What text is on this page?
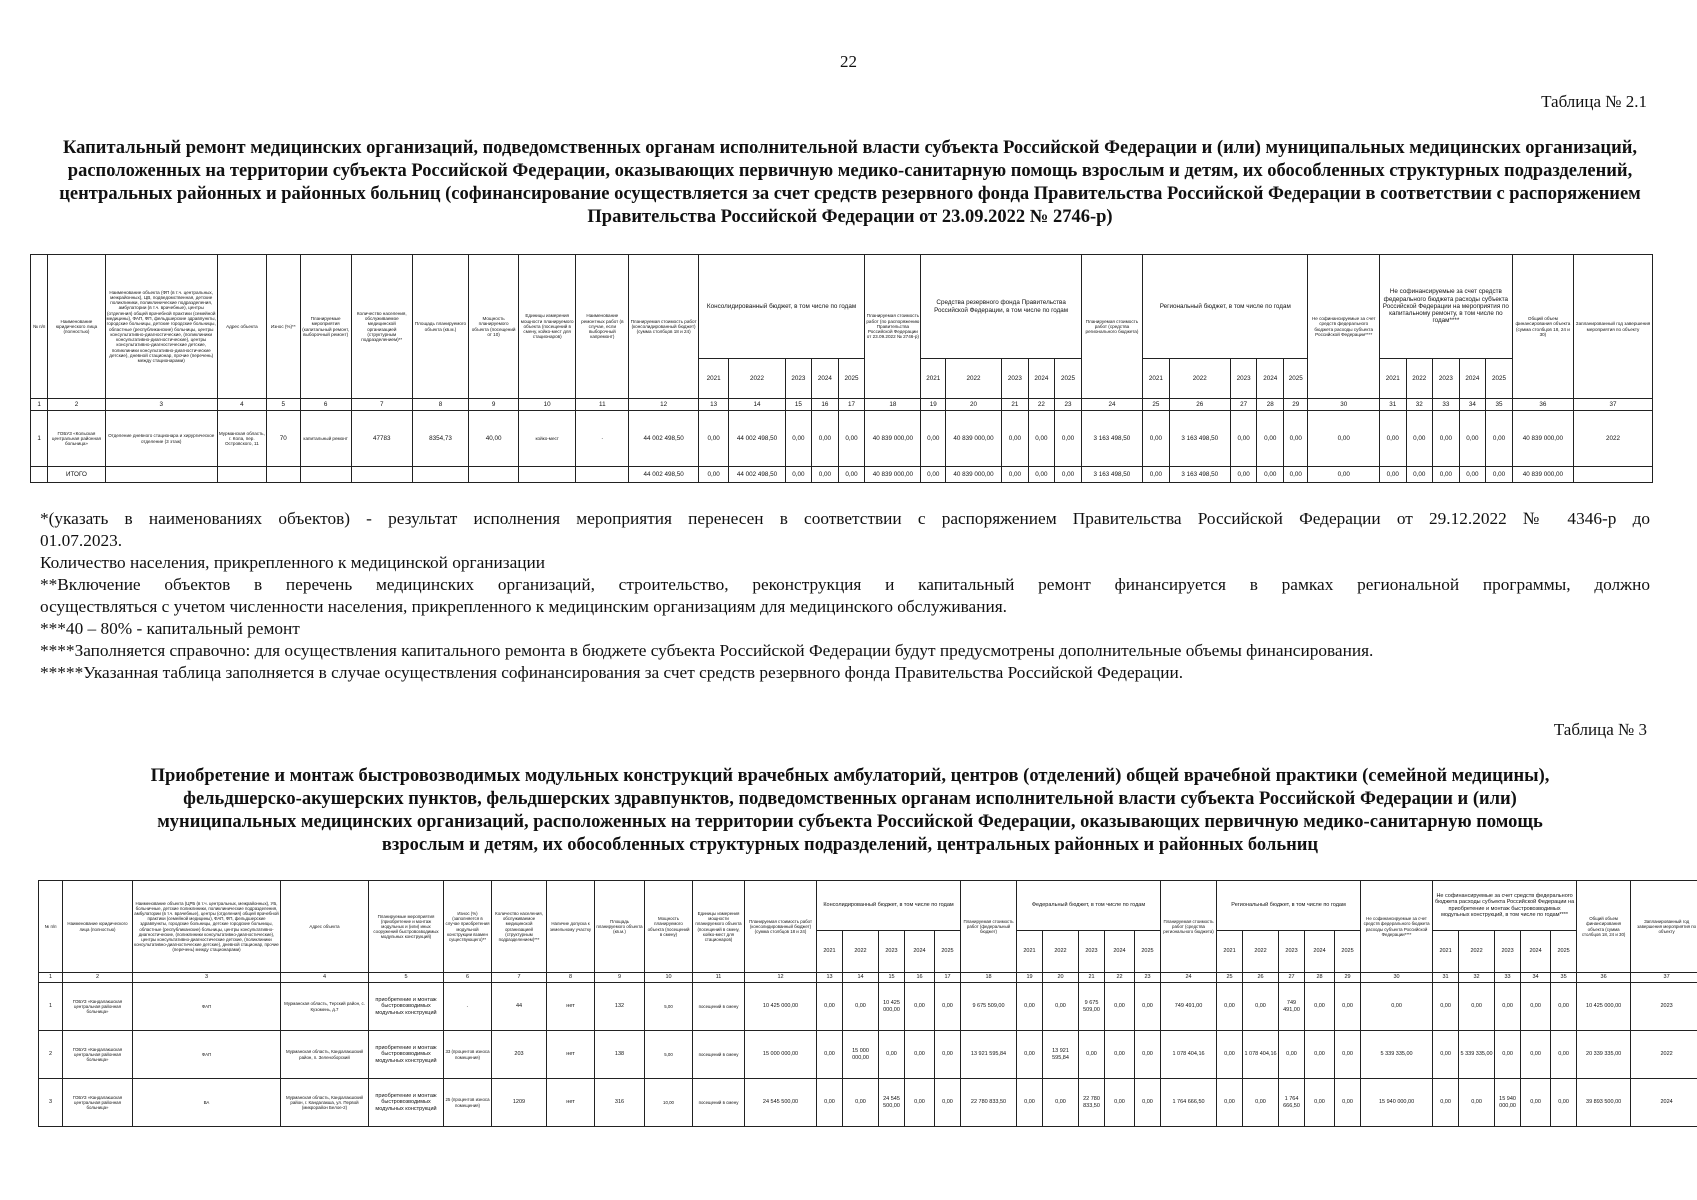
22
Таблица № 2.1
Капитальный ремонт медицинских организаций, подведомственных органам исполнительной власти субъекта Российской Федерации и (или) муниципальных медицинских организаций, расположенных на территории субъекта Российской Федерации, оказывающих первичную медико-санитарную помощь взрослым и детям, их обособленных структурных подразделений, центральных районных и районных больниц (софинансирование осуществляется за счет средств резервного фонда Правительства Российской Федерации в соответствии с распоряжением Правительства Российской Федерации от 23.09.2022 № 2746-р)
№ п/п	Наименование юридического лица (полностью)	Наименование объекта (ФП (в т.ч. центральных, межрайонных), ЦВ, подведомственная, детские поликлиники, поликлинические подразделения, амбулатории (в т.ч. врачебные), центры (отделения) общей врачебной практики (семейной медицины), ФАП, ФП, фельдшерские здравпункты, городские больницы, детские городские больницы, областные (республиканские) больницы, центры консультативно-диагностические, (поликлиники консультативно-диагностические), центры консультативно-диагностические детские, поликлиники консультативно-диагностические детские), дневной стационар, прочие (перечень) между стационарами)	Адрес объекта	Износ (%)**	Планируемые мероприятия (капитальный ремонт, выборочный ремонт)	Количество населения, обслуживаемое медицинской организацией (структурным подразделением)**	Площадь планируемого объекта (кв.м.)	Мощность планируемого объекта (посещений от 10)	Единицы измерения мощности планируемого объекта (посещений в смену, койко-мест для стационаров)	Наименование ремонтных работ (в случае, если выборочный капремонт)	Планируемая стоимость работ (консолидированный бюджет) (сумма столбцов 18 и 24)	Консолидированный бюджет, в том числе по годам					Планируемая стоимость работ (по распоряжению Правительства Российской Федерации от 23.09.2022 № 2746-р)	Средства резервного фонда Правительства Российской Федерации, в том числе по годам					Планируемая стоимость работ (средства регионального бюджета)	Региональный бюджет, в том числе по годам					Не софинансируемые за счет средств федерального бюджета расходы субъекта Российской Федерации****	Не софинансируемые за счет средств федерального бюджета расходы субъекта Российской Федерации на мероприятия по капитальному ремонту, в том числе по годам****					Общий объем финансирования объекта (сумма столбцов 18, 24 и 30)	Запланированный год завершения мероприятия по объекту
												2021	2022	2023	2024	2025		2021	2022	2023	2024	2025		2021	2022	2023	2024	2025		2021	2022	2023	2024	2025		
1	2	3	4	5	6	7	8	9	10	11	12	13	14	15	16	17	18	19	20	21	22	23	24	25	26	27	28	29	30	31	32	33	34	35	36	37
1	ГОБУЗ «Кольская центральная районная больница»	Отделение дневного стационара и хирургическое отделение (3 этаж)	Мурманская область, г. Кола, пер. Островского, 11	70	капитальный ремонт	47783	8354,73	40,00	койко-мест	-	44 002 498,50	0,00	44 002 498,50	0,00	0,00	0,00	40 839 000,00	0,00	40 839 000,00	0,00	0,00	0,00	3 163 498,50	0,00	3 163 498,50	0,00	0,00	0,00	0,00	0,00	0,00	0,00	0,00	0,00	40 839 000,00	2022
	ИТОГО										44 002 498,50	0,00	44 002 498,50	0,00	0,00	0,00	40 839 000,00	0,00	40 839 000,00	0,00	0,00	0,00	3 163 498,50	0,00	3 163 498,50	0,00	0,00	0,00	0,00	0,00	0,00	0,00	0,00	0,00	40 839 000,00	

*(указать в наименованиях объектов) - результат исполнения мероприятия перенесен в соответствии с распоряжением Правительства Российской Федерации от 29.12.2022 № 4346-р до

01.07.2023.

Количество населения, прикрепленного к медицинской организации

**Включение объектов в перечень медицинских организаций, строительство, реконструкция и капитальный ремонт финансируется в рамках региональной программы, должно

осуществляться с учетом численности населения, прикрепленного к медицинским организациям для медицинского обслуживания.

***40 – 80% - капитальный ремонт

****Заполняется справочно: для осуществления капитального ремонта в бюджете субъекта Российской Федерации будут предусмотрены дополнительные объемы финансирования.

*****Указанная таблица заполняется в случае осуществления софинансирования за счет средств резервного фонда Правительства Российской Федерации.

Таблица № 3
Приобретение и монтаж быстровозводимых модульных конструкций врачебных амбулаторий, центров (отделений) общей врачебной практики (семейной медицины), фельдшерско-акушерских пунктов, фельдшерских здравпунктов, подведомственных органам исполнительной власти субъекта Российской Федерации и (или) муниципальных медицинских организаций, расположенных на территории субъекта Российской Федерации, оказывающих первичную медико-санитарную помощь взрослым и детям, их обособленных структурных подразделений, центральных районных и районных больниц
№ п/п	Наименование юридического лица (полностью)	Наименование объекта (ЦРБ (в т.ч. центральных, межрайонных), УБ, больничные, детские поликлиники, поликлинические подразделения, амбулатории (в т.ч. врачебные), центры (отделения) общей врачебной практики (семейной медицины), ФАП, ФП, фельдшерские здравпункты, городские больницы, детские городские больницы, областные (республиканские) больницы, центры консультативно-диагностические, (поликлиники консультативно-диагностические), центры консультативно-диагностические детские, (поликлиники консультативно-диагностические детские), дневной стационар, прочие (перечень) между стационарами)	Адрес объекта	Планируемые мероприятия (приобретение и монтаж модульных и (или) иных сооружений быстровозводимых модульных конструкций)	Износ (%) (заполняется в случае приобретения модульной конструкции взамен существующего)**	Количество населения, обслуживаемое медицинской организацией (структурным подразделением)***	Наличие допуска к земельному участку	Площадь планируемого объекта (кв.м.)	Мощность планируемого объекта (посещений в смену)	Единицы измерения мощности планируемого объекта (посещений в смену, койко-мест для стационаров)	Планируемая стоимость работ (консолидированный бюджет) (сумма столбцов 18 и 24)	Консолидированный бюджет, в том числе по годам					Планируемая стоимость работ (федеральный бюджет)	Федеральный бюджет, в том числе по годам					Планируемая стоимость работ (средства регионального бюджета)	Региональный бюджет, в том числе по годам					Не софинансируемые за счет средств федерального бюджета расходы субъекта Российской Федерации****	Не софинансируемые за счет средств федерального бюджета расходы субъекта Российской Федерации на приобретение и монтаж быстровозводимых модульных конструкций, в том числе по годам****					Общий объем финансирования объекта (сумма столбцов 18, 24 и 30)	Запланированный год завершения мероприятия по объекту
												2021	2022	2023	2024	2025		2021	2022	2023	2024	2025		2021	2022	2023	2024	2025		2021	2022	2023	2024	2025		
1	2	3	4	5	6	7	8	9	10	11	12	13	14	15	16	17	18	19	20	21	22	23	24	25	26	27	28	29	30	31	32	33	34	35	36	37
1	ГОБУЗ «Кандалакшская центральная районная больница»	ФАП	Мурманская область, Терский район, с. Кузомень, д.7	приобретение и монтаж быстровозводимых модульных конструкций	-	44	нет	132	5,00	посещений в смену	10 425 000,00	0,00	0,00	10 425 000,00	0,00	0,00	9 675 509,00	0,00	0,00	9 675 509,00	0,00	0,00	749 491,00	0,00	0,00	749 491,00	0,00	0,00	0,00	0,00	0,00	0,00	0,00	0,00	10 425 000,00	2023
2	ГОБУЗ «Кандалакшская центральная районная больница»	ФАП	Мурманская область, Кандалакшский район, п. Зеленоборский	приобретение и монтаж быстровозводимых модульных конструкций	33 (процентов износа помещения)	203	нет	138	5,00	посещений в смену	15 000 000,00	0,00	15 000 000,00	0,00	0,00	0,00	13 921 595,84	0,00	13 921 595,84	0,00	0,00	0,00	1 078 404,16	0,00	1 078 404,16	0,00	0,00	0,00	5 339 335,00	0,00	5 339 335,00	0,00	0,00	0,00	20 339 335,00	2022
3	ГОБУЗ «Кандалакшская центральная районная больница»	ВА	Мурманская область, Кандалакшский район, г. Кандалакша, ул. Первой (микрорайон Белое-2)	приобретение и монтаж быстровозводимых модульных конструкций	25 (процентов износа помещения)	1209	нет	316	10,00	посещений в смену	24 545 500,00	0,00	0,00	24 545 500,00	0,00	0,00	22 780 833,50	0,00	0,00	22 780 833,50	0,00	0,00	1 764 666,50	0,00	0,00	1 764 666,50	0,00	0,00	15 940 000,00	0,00	0,00	15 940 000,00	0,00	0,00	39 893 500,00	2024
